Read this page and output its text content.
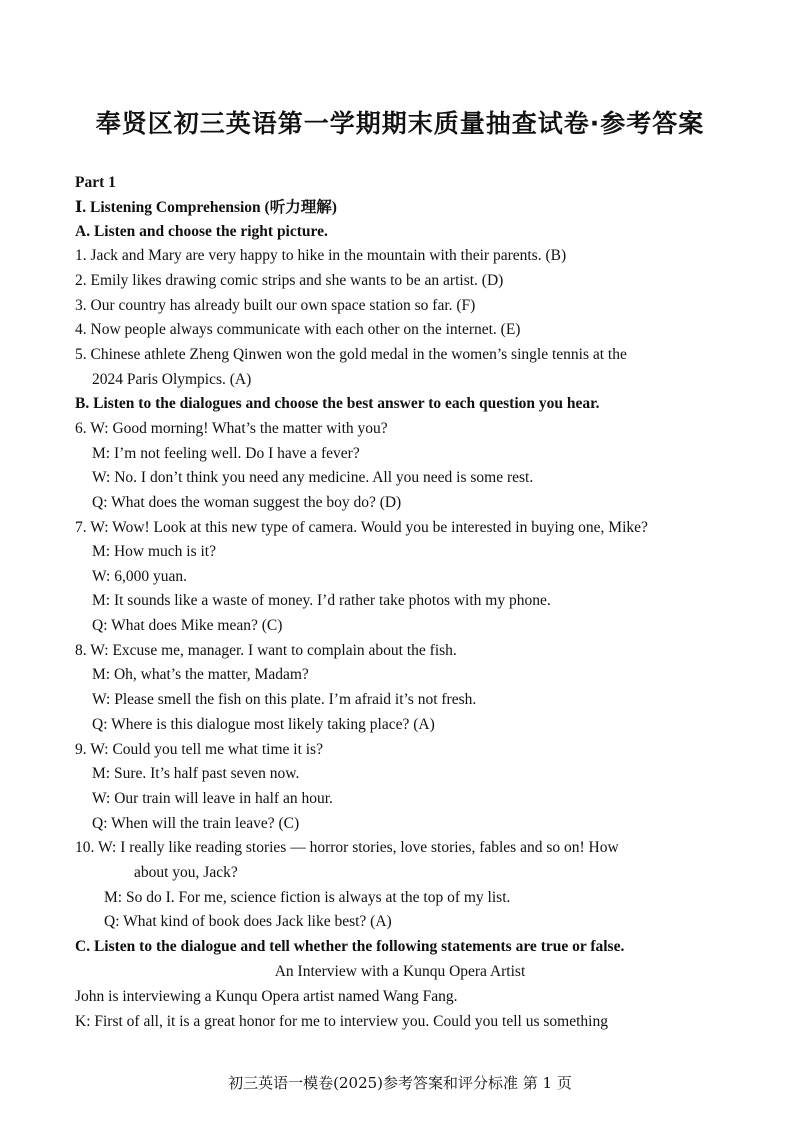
奉贤区初三英语第一学期期末质量抽查试卷·参考答案
Part 1
Ⅰ. Listening Comprehension (听力理解)
A. Listen and choose the right picture.
1. Jack and Mary are very happy to hike in the mountain with their parents. (B)
2. Emily likes drawing comic strips and she wants to be an artist. (D)
3. Our country has already built our own space station so far. (F)
4. Now people always communicate with each other on the internet. (E)
5. Chinese athlete Zheng Qinwen won the gold medal in the women’s single tennis at the
2024 Paris Olympics. (A)
B. Listen to the dialogues and choose the best answer to each question you hear.
6. W: Good morning! What’s the matter with you?
M: I’m not feeling well. Do I have a fever?
W: No. I don’t think you need any medicine. All you need is some rest.
Q: What does the woman suggest the boy do? (D)
7. W: Wow! Look at this new type of camera. Would you be interested in buying one, Mike?
M: How much is it?
W: 6,000 yuan.
M: It sounds like a waste of money. I’d rather take photos with my phone.
Q: What does Mike mean? (C)
8. W: Excuse me, manager. I want to complain about the fish.
M: Oh, what’s the matter, Madam?
W: Please smell the fish on this plate. I’m afraid it’s not fresh.
Q: Where is this dialogue most likely taking place? (A)
9. W: Could you tell me what time it is?
M: Sure. It’s half past seven now.
W: Our train will leave in half an hour.
Q: When will the train leave? (C)
10. W: I really like reading stories — horror stories, love stories, fables and so on! How
about you, Jack?
M: So do I. For me, science fiction is always at the top of my list.
Q: What kind of book does Jack like best? (A)
C. Listen to the dialogue and tell whether the following statements are true or false.
An Interview with a Kunqu Opera Artist
John is interviewing a Kunqu Opera artist named Wang Fang.
K: First of all, it is a great honor for me to interview you. Could you tell us something
初三英语一模卷(2025)参考答案和评分标准 第 1 页
